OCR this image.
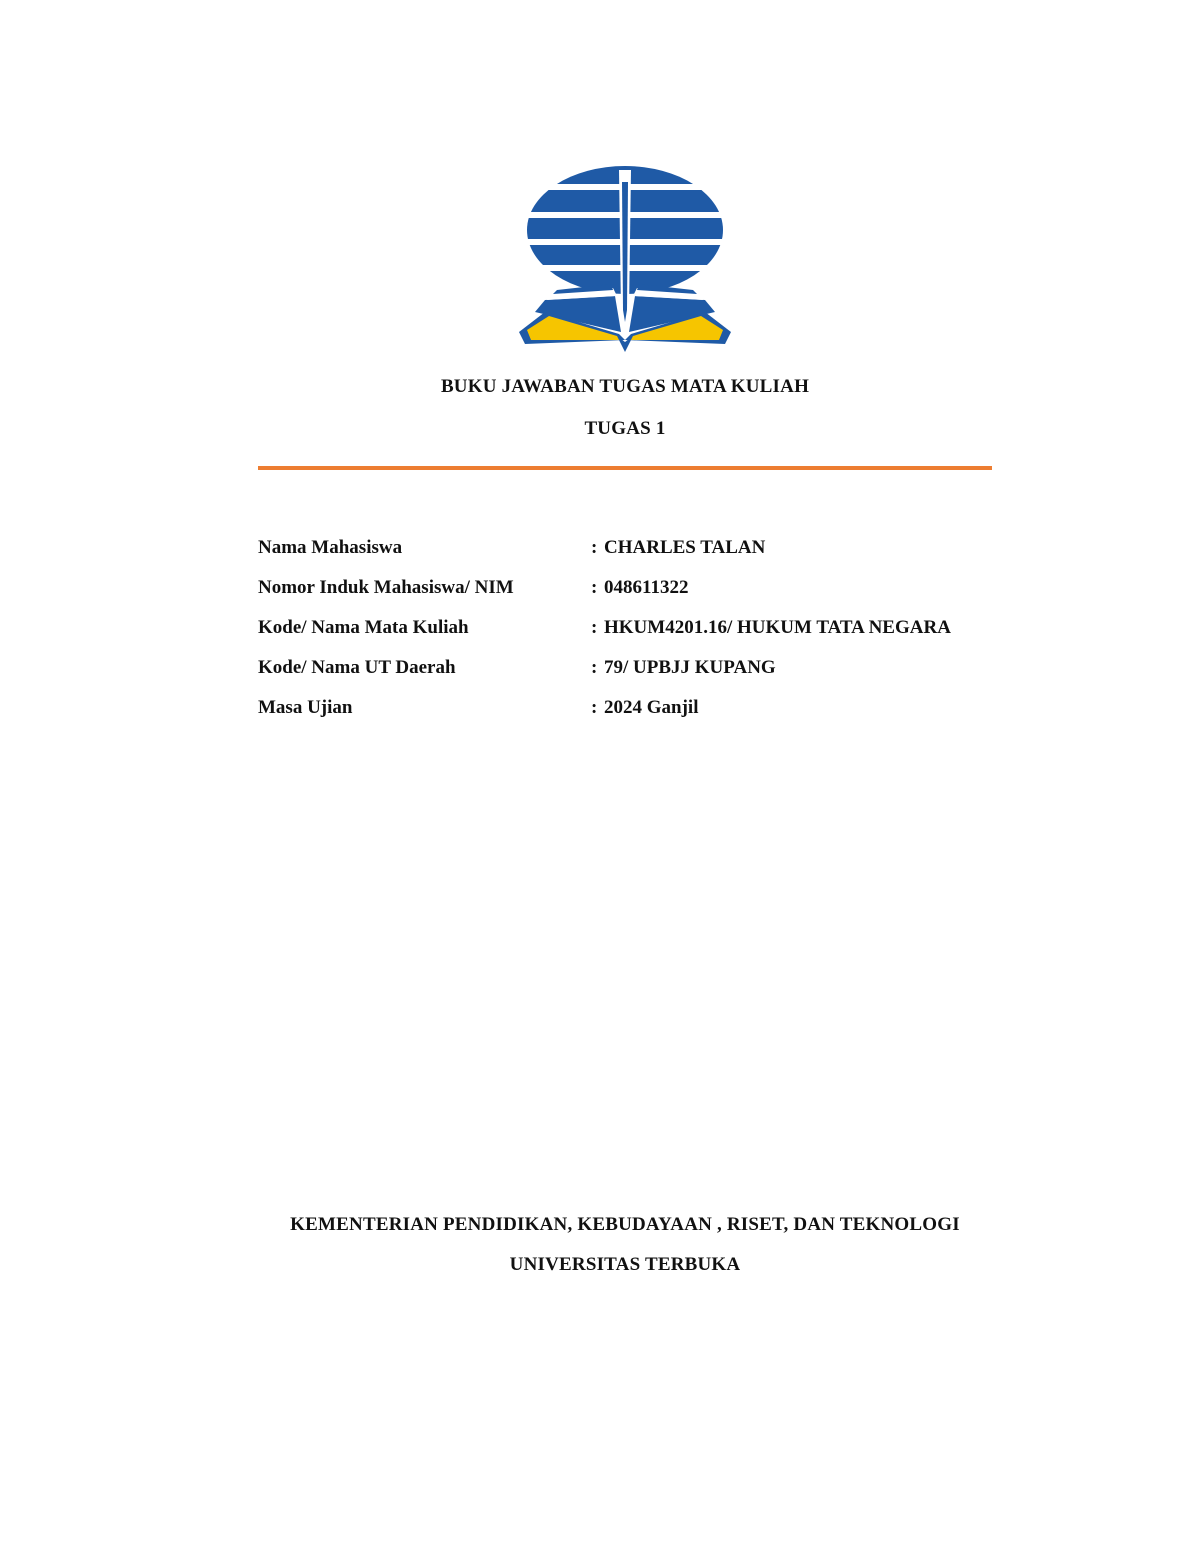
BUKU JAWABAN TUGAS MATA KULIAH
TUGAS 1
Nama Mahasiswa	: CHARLES TALAN
Nomor Induk Mahasiswa/ NIM	: 048611322
Kode/ Nama Mata Kuliah	: HKUM4201.16/ HUKUM TATA NEGARA
Kode/ Nama UT Daerah	: 79/ UPBJJ KUPANG
Masa Ujian	: 2024 Ganjil
KEMENTERIAN PENDIDIKAN, KEBUDAYAAN , RISET, DAN TEKNOLOGI
UNIVERSITAS TERBUKA
